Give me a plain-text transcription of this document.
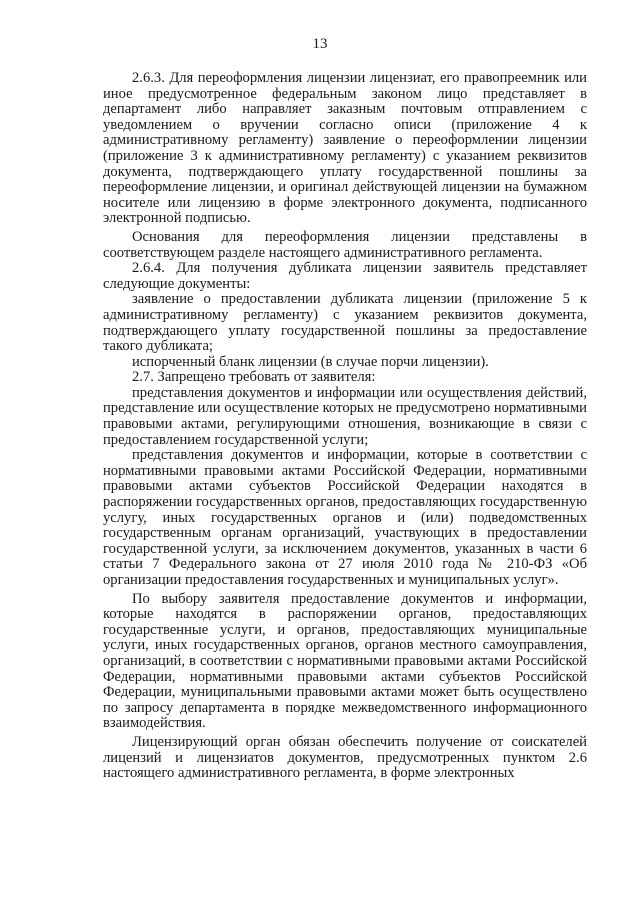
13

2.6.3. Для переоформления лицензии лицензиат, его правопреемник или иное предусмотренное федеральным законом лицо представляет в департамент либо направляет заказным почтовым отправлением с уведомлением о вручении согласно описи (приложение 4 к административному регламенту) заявление о переоформлении лицензии (приложение 3 к административному регламенту) с указанием реквизитов документа, подтверждающего уплату государственной пошлины за переоформление лицензии, и оригинал действующей лицензии на бумажном носителе или лицензию в форме электронного документа, подписанного электронной подписью.

Основания для переоформления лицензии представлены в соответствующем разделе настоящего административного регламента.

2.6.4. Для получения дубликата лицензии заявитель представляет следующие документы:

заявление о предоставлении дубликата лицензии (приложение 5 к административному регламенту) с указанием реквизитов документа, подтверждающего уплату государственной пошлины за предоставление такого дубликата;

испорченный бланк лицензии (в случае порчи лицензии).

2.7. Запрещено требовать от заявителя:

представления документов и информации или осуществления действий, представление или осуществление которых не предусмотрено нормативными правовыми актами, регулирующими отношения, возникающие в связи с предоставлением государственной услуги;

представления документов и информации, которые в соответствии с нормативными правовыми актами Российской Федерации, нормативными правовыми актами субъектов Российской Федерации находятся в распоряжении государственных органов, предоставляющих государственную услугу, иных государственных органов и (или) подведомственных государственным органам организаций, участвующих в предоставлении государственной услуги, за исключением документов, указанных в части 6 статьи 7 Федерального закона от 27 июля 2010 года № 210-ФЗ «Об организации предоставления государственных и муниципальных услуг».

По выбору заявителя предоставление документов и информации, которые находятся в распоряжении органов, предоставляющих государственные услуги, и органов, предоставляющих муниципальные услуги, иных государственных органов, органов местного самоуправления, организаций, в соответствии с нормативными правовыми актами Российской Федерации, нормативными правовыми актами субъектов Российской Федерации, муниципальными правовыми актами может быть осуществлено по запросу департамента в порядке межведомственного информационного взаимодействия.

Лицензирующий орган обязан обеспечить получение от соискателей лицензий и лицензиатов документов, предусмотренных пунктом 2.6 настоящего административного регламента, в форме электронных
